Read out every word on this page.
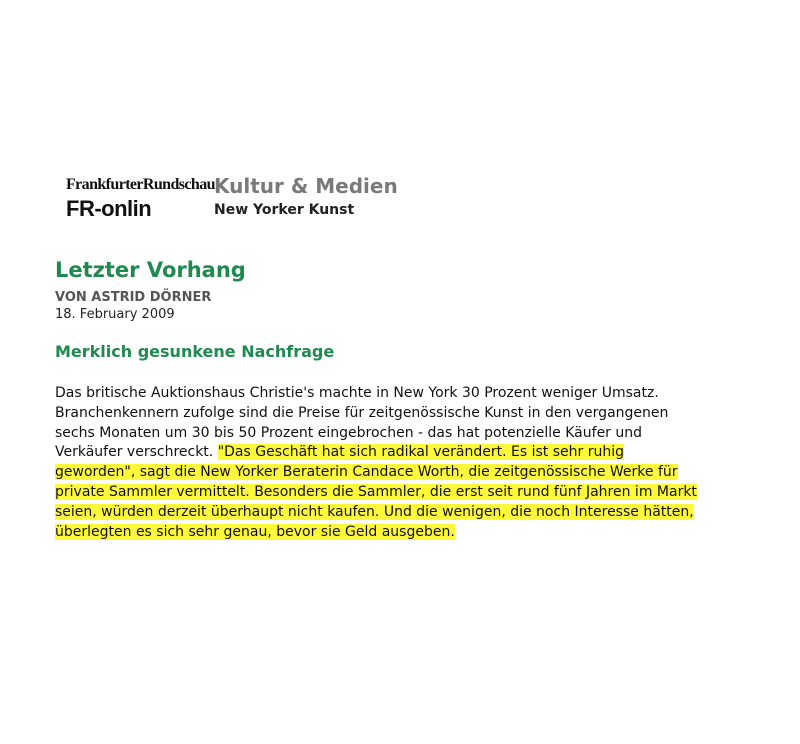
FrankfurterRundschau
FR-onlin
Kultur & Medien
New Yorker Kunst
Letzter Vorhang
VON ASTRID DÖRNER
18. February 2009
Merklich gesunkene Nachfrage
Das britische Auktionshaus Christie's machte in New York 30 Prozent weniger Umsatz.
Branchenkennern zufolge sind die Preise für zeitgenössische Kunst in den vergangenen
sechs Monaten um 30 bis 50 Prozent eingebrochen - das hat potenzielle Käufer und
Verkäufer verschreckt. "Das Geschäft hat sich radikal verändert. Es ist sehr ruhig
geworden", sagt die New Yorker Beraterin Candace Worth, die zeitgenössische Werke für
private Sammler vermittelt. Besonders die Sammler, die erst seit rund fünf Jahren im Markt
seien, würden derzeit überhaupt nicht kaufen. Und die wenigen, die noch Interesse hätten,
überlegten es sich sehr genau, bevor sie Geld ausgeben.
